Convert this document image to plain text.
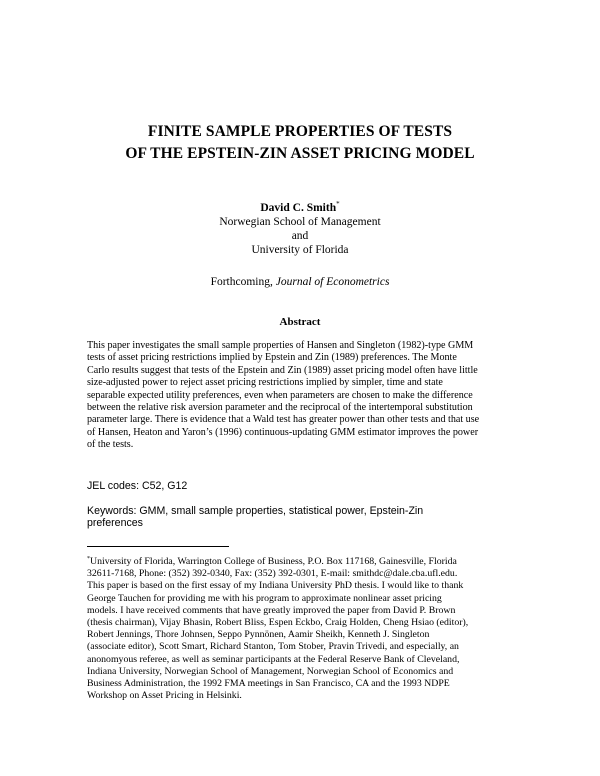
FINITE SAMPLE PROPERTIES OF TESTS
OF THE EPSTEIN-ZIN ASSET PRICING MODEL
David C. Smith*
Norwegian School of Management
and
University of Florida
Forthcoming, Journal of Econometrics
Abstract
This paper investigates the small sample properties of Hansen and Singleton (1982)-type GMM
tests of asset pricing restrictions implied by Epstein and Zin (1989) preferences. The Monte
Carlo results suggest that tests of the Epstein and Zin (1989) asset pricing model often have little
size-adjusted power to reject asset pricing restrictions implied by simpler, time and state
separable expected utility preferences, even when parameters are chosen to make the difference
between the relative risk aversion parameter and the reciprocal of the intertemporal substitution
parameter large. There is evidence that a Wald test has greater power than other tests and that use
of Hansen, Heaton and Yaron’s (1996) continuous-updating GMM estimator improves the power
of the tests.
JEL codes: C52, G12
Keywords: GMM, small sample properties, statistical power, Epstein-Zin
preferences
*University of Florida, Warrington College of Business, P.O. Box 117168, Gainesville, Florida
32611-7168, Phone: (352) 392-0340, Fax: (352) 392-0301, E-mail: smithdc@dale.cba.ufl.edu.
This paper is based on the first essay of my Indiana University PhD thesis. I would like to thank
George Tauchen for providing me with his program to approximate nonlinear asset pricing
models. I have received comments that have greatly improved the paper from David P. Brown
(thesis chairman), Vijay Bhasin, Robert Bliss, Espen Eckbo, Craig Holden, Cheng Hsiao (editor),
Robert Jennings, Thore Johnsen, Seppo Pynnönen, Aamir Sheikh, Kenneth J. Singleton
(associate editor), Scott Smart, Richard Stanton, Tom Stober, Pravin Trivedi, and especially, an
anonomyous referee, as well as seminar participants at the Federal Reserve Bank of Cleveland,
Indiana University, Norwegian School of Management, Norwegian School of Economics and
Business Administration, the 1992 FMA meetings in San Francisco, CA and the 1993 NDPE
Workshop on Asset Pricing in Helsinki.
